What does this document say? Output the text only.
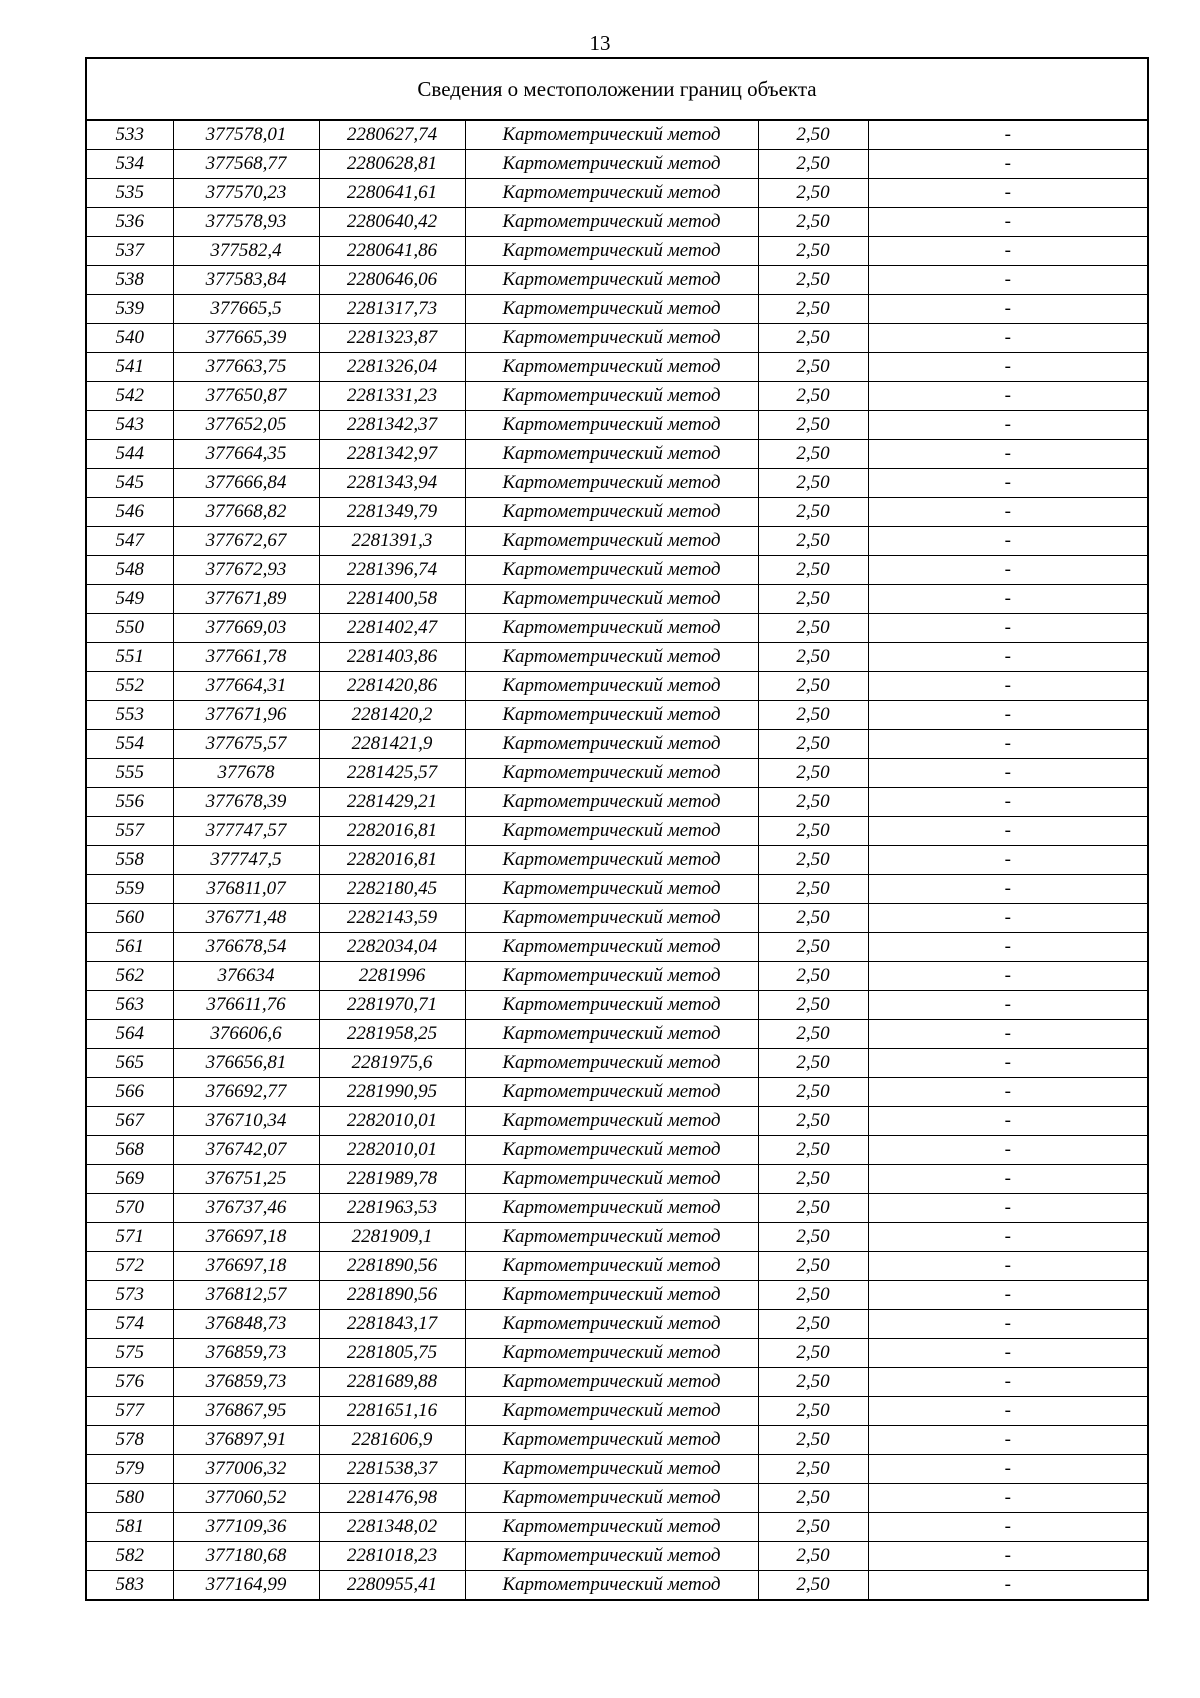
13
Сведения о местоположении границ объекта					
533	377578,01	2280627,74	Картометрический метод	2,50	-
534	377568,77	2280628,81	Картометрический метод	2,50	-
535	377570,23	2280641,61	Картометрический метод	2,50	-
536	377578,93	2280640,42	Картометрический метод	2,50	-
537	377582,4	2280641,86	Картометрический метод	2,50	-
538	377583,84	2280646,06	Картометрический метод	2,50	-
539	377665,5	2281317,73	Картометрический метод	2,50	-
540	377665,39	2281323,87	Картометрический метод	2,50	-
541	377663,75	2281326,04	Картометрический метод	2,50	-
542	377650,87	2281331,23	Картометрический метод	2,50	-
543	377652,05	2281342,37	Картометрический метод	2,50	-
544	377664,35	2281342,97	Картометрический метод	2,50	-
545	377666,84	2281343,94	Картометрический метод	2,50	-
546	377668,82	2281349,79	Картометрический метод	2,50	-
547	377672,67	2281391,3	Картометрический метод	2,50	-
548	377672,93	2281396,74	Картометрический метод	2,50	-
549	377671,89	2281400,58	Картометрический метод	2,50	-
550	377669,03	2281402,47	Картометрический метод	2,50	-
551	377661,78	2281403,86	Картометрический метод	2,50	-
552	377664,31	2281420,86	Картометрический метод	2,50	-
553	377671,96	2281420,2	Картометрический метод	2,50	-
554	377675,57	2281421,9	Картометрический метод	2,50	-
555	377678	2281425,57	Картометрический метод	2,50	-
556	377678,39	2281429,21	Картометрический метод	2,50	-
557	377747,57	2282016,81	Картометрический метод	2,50	-
558	377747,5	2282016,81	Картометрический метод	2,50	-
559	376811,07	2282180,45	Картометрический метод	2,50	-
560	376771,48	2282143,59	Картометрический метод	2,50	-
561	376678,54	2282034,04	Картометрический метод	2,50	-
562	376634	2281996	Картометрический метод	2,50	-
563	376611,76	2281970,71	Картометрический метод	2,50	-
564	376606,6	2281958,25	Картометрический метод	2,50	-
565	376656,81	2281975,6	Картометрический метод	2,50	-
566	376692,77	2281990,95	Картометрический метод	2,50	-
567	376710,34	2282010,01	Картометрический метод	2,50	-
568	376742,07	2282010,01	Картометрический метод	2,50	-
569	376751,25	2281989,78	Картометрический метод	2,50	-
570	376737,46	2281963,53	Картометрический метод	2,50	-
571	376697,18	2281909,1	Картометрический метод	2,50	-
572	376697,18	2281890,56	Картометрический метод	2,50	-
573	376812,57	2281890,56	Картометрический метод	2,50	-
574	376848,73	2281843,17	Картометрический метод	2,50	-
575	376859,73	2281805,75	Картометрический метод	2,50	-
576	376859,73	2281689,88	Картометрический метод	2,50	-
577	376867,95	2281651,16	Картометрический метод	2,50	-
578	376897,91	2281606,9	Картометрический метод	2,50	-
579	377006,32	2281538,37	Картометрический метод	2,50	-
580	377060,52	2281476,98	Картометрический метод	2,50	-
581	377109,36	2281348,02	Картометрический метод	2,50	-
582	377180,68	2281018,23	Картометрический метод	2,50	-
583	377164,99	2280955,41	Картометрический метод	2,50	-
